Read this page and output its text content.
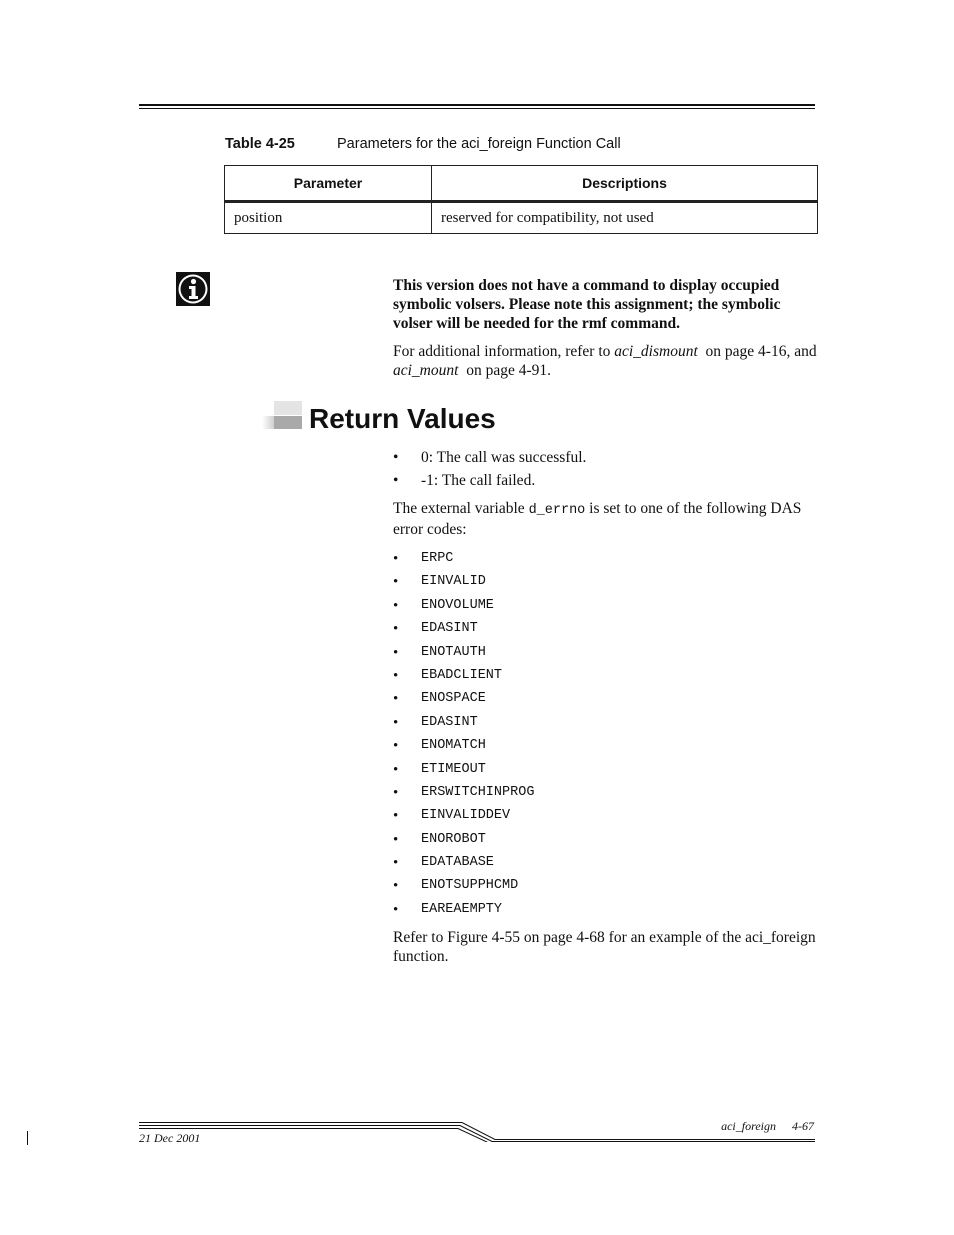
Table 4-25	Parameters for the aci_foreign Function Call
Parameter	Descriptions
position	reserved for compatibility, not used
This version does not have a command to display occupied symbolic volsers. Please note this assignment; the symbolic volser will be needed for the rmf command.
For additional information, refer to aci_dismount  on page 4-16, and aci_mount  on page 4-91.
Return Values
• 0: The call was successful.
• -1: The call failed.
The external variable d_errno is set to one of the following DAS error codes:
• ERPC
• EINVALID
• ENOVOLUME
• EDASINT
• ENOTAUTH
• EBADCLIENT
• ENOSPACE
• EDASINT
• ENOMATCH
• ETIMEOUT
• ERSWITCHINPROG
• EINVALIDDEV
• ENOROBOT
• EDATABASE
• ENOTSUPPHCMD
• EAREAEMPTY
Refer to Figure 4-55 on page 4-68 for an example of the aci_foreign function.
21 Dec 2001
aci_foreign 4-67
